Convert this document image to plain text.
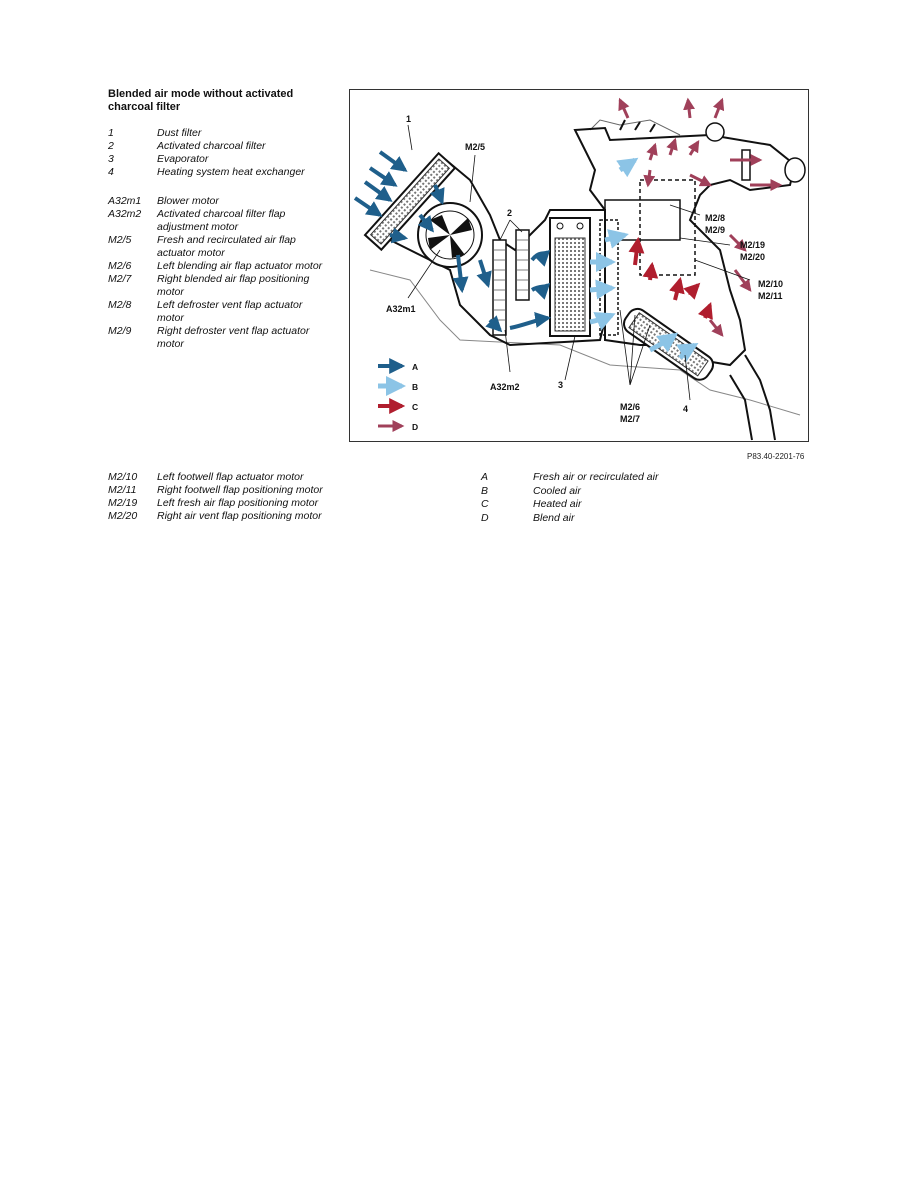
Blended air mode without activated charcoal filter
1	Dust filter
2	Activated charcoal filter
3	Evaporator
4	Heating system heat exchanger
A32m1 Blower motor
A32m2 Activated charcoal filter flap adjustment motor
M2/5 Fresh and recirculated air flap actuator motor
M2/6 Left blending air flap actuator motor
M2/7 Right blended air flap positioning motor
M2/8 Left defroster vent flap actuator motor
M2/9 Right defroster vent flap actuator motor
M2/10 Left footwell flap actuator motor
M2/11 Right footwell flap positioning motor
M2/19 Left fresh air flap positioning motor
M2/20 Right air vent flap positioning motor
A	Fresh air or recirculated air
B	Cooled air
C	Heated air
D	Blend air
1
M2/5
2
A32m1
A32m2	3
M2/6
M2/7
4
M2/8
M2/9
M2/19
M2/20
M2/10
M2/11
A
B
C
D
P83.40-2201-76
